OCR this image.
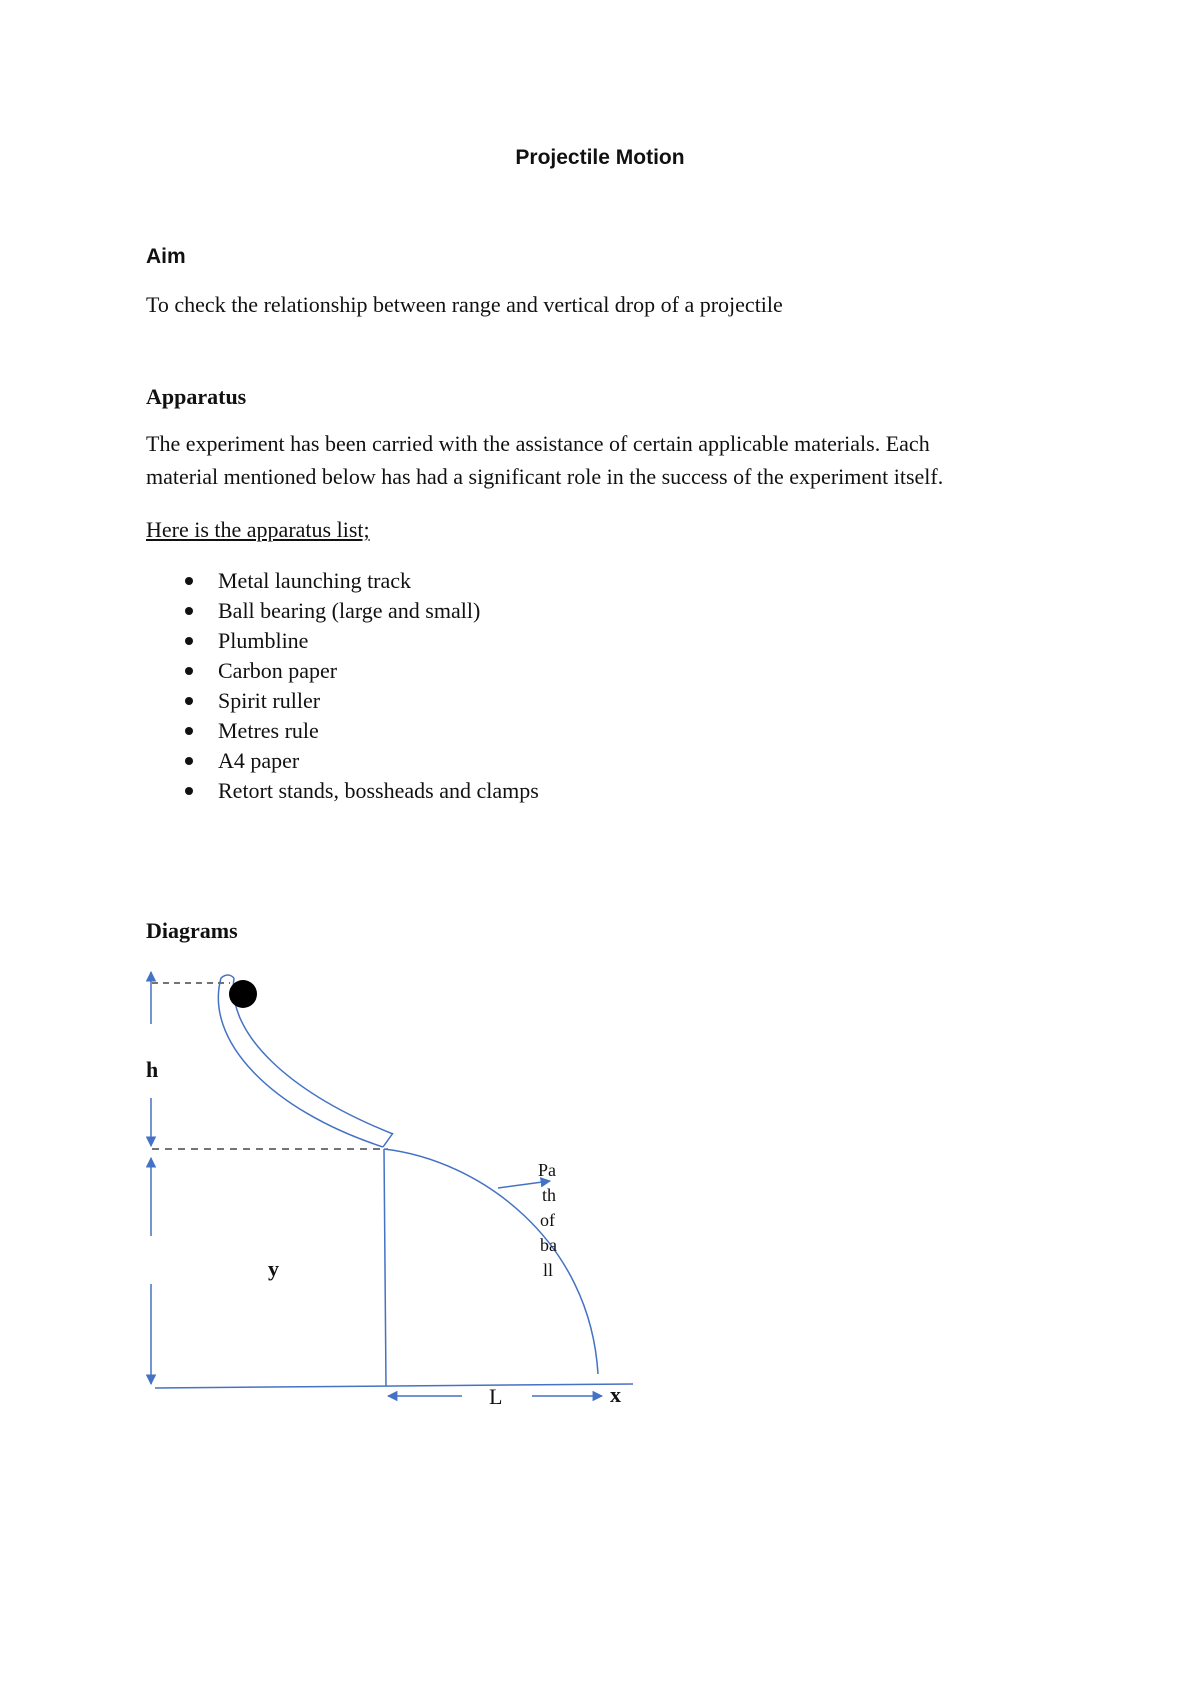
Projectile Motion
Aim
To check the relationship between range and vertical drop of a projectile
Apparatus
The experiment has been carried with the assistance of certain applicable materials. Each
material mentioned below has had a significant role in the success of the experiment itself.
Here is the apparatus list;
Metal launching track
Ball bearing (large and small)
Plumbline
Carbon paper
Spirit ruller
Metres rule
A4 paper
Retort stands, bossheads and clamps
Diagrams
h
y
L	x
Pa
th
of
ba
ll
